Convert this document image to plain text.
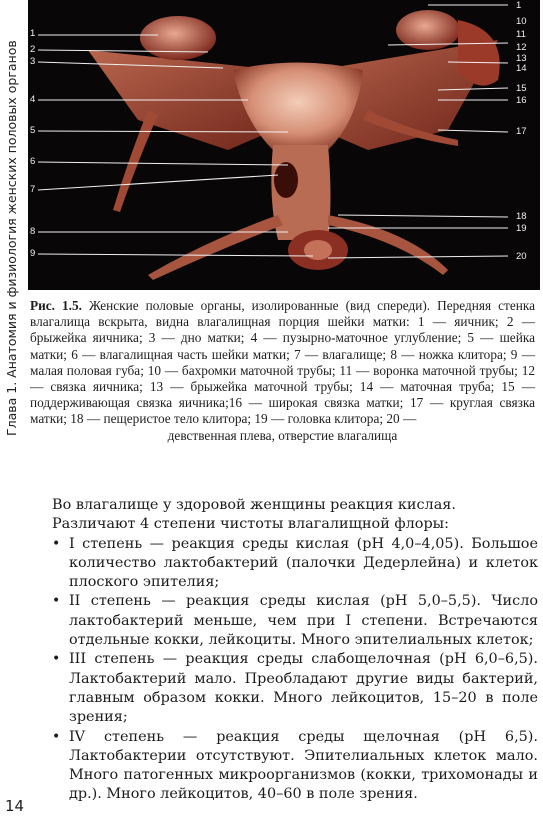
Глава 1. Анатомия и физиология женских половых органов
1
2
3
4
5
6
7
8
9
1
10
11
12
13
14
15
16
17
18
19
20
Рис. 1.5. Женские половые органы, изолированные (вид спереди). Передняя стенка влагалища вскрыта, видна влагалищная порция шейки матки: 1 — яичник; 2 — брыжейка яичника; 3 — дно матки; 4 — пузырно-маточное углубление; 5 — шейка матки; 6 — влагалищная часть шейки матки; 7 — влагалище; 8 — ножка клитора; 9 — малая половая губа; 10 — бахромки маточной трубы; 11 — воронка маточной трубы; 12 — связка яичника; 13 — брыжейка маточной трубы; 14 — маточная труба; 15 — поддерживающая связка яичника;16 — широкая связка матки; 17 — круглая связка матки; 18 — пещеристое тело клитора; 19 — головка клитора; 20 —
девственная плева, отверстие влагалища

Во влагалище у здоровой женщины реакция кислая.

Различают 4 степени чистоты влагалищной флоры:

• I степень — реакция среды кислая (pH 4,0–4,05). Большое количество лактобактерий (палочки Дедерлейна) и клеток плоского эпителия;
• II степень — реакция среды кислая (pH 5,0–5,5). Число лактобактерий меньше, чем при I степени. Встречаются отдельные кокки, лейкоциты. Много эпителиальных клеток;
• III степень — реакция среды слабощелочная (pH 6,0–6,5). Лактобактерий мало. Преобладают другие виды бактерий, главным образом кокки. Много лейкоцитов, 15–20 в поле зрения;
• IV степень — реакция среды щелочная (pH 6,5). Лактобактерии отсутствуют. Эпителиальных клеток мало. Много патогенных микроорганизмов (кокки, трихомонады и др.). Много лейкоцитов, 40–60 в поле зрения.
14
